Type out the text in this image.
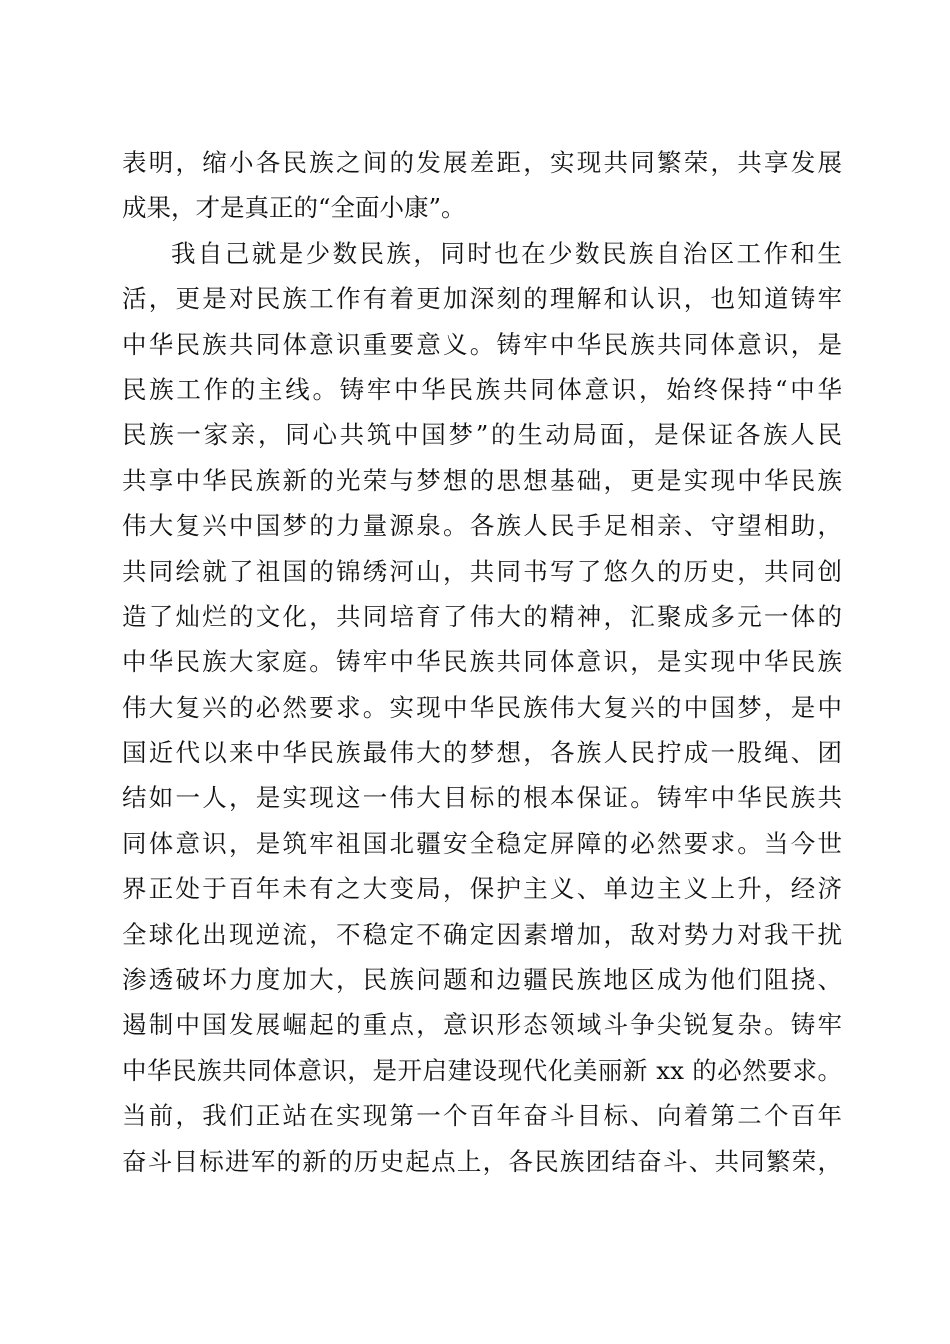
表明，缩小各民族之间的发展差距，实现共同繁荣，共享发展
成果，才是真正的“全面小康”。
我自己就是少数民族，同时也在少数民族自治区工作和生
活，更是对民族工作有着更加深刻的理解和认识，也知道铸牢
中华民族共同体意识重要意义。铸牢中华民族共同体意识，是
民族工作的主线。铸牢中华民族共同体意识，始终保持“中华
民族一家亲，同心共筑中国梦”的生动局面，是保证各族人民
共享中华民族新的光荣与梦想的思想基础，更是实现中华民族
伟大复兴中国梦的力量源泉。各族人民手足相亲、守望相助，
共同绘就了祖国的锦绣河山，共同书写了悠久的历史，共同创
造了灿烂的文化，共同培育了伟大的精神，汇聚成多元一体的
中华民族大家庭。铸牢中华民族共同体意识，是实现中华民族
伟大复兴的必然要求。实现中华民族伟大复兴的中国梦，是中
国近代以来中华民族最伟大的梦想，各族人民拧成一股绳、团
结如一人，是实现这一伟大目标的根本保证。铸牢中华民族共
同体意识，是筑牢祖国北疆安全稳定屏障的必然要求。当今世
界正处于百年未有之大变局，保护主义、单边主义上升，经济
全球化出现逆流，不稳定不确定因素增加，敌对势力对我干扰
渗透破坏力度加大，民族问题和边疆民族地区成为他们阻挠、
遏制中国发展崛起的重点，意识形态领域斗争尖锐复杂。铸牢
中华民族共同体意识，是开启建设现代化美丽新 xx 的必然要求。
当前，我们正站在实现第一个百年奋斗目标、向着第二个百年
奋斗目标进军的新的历史起点上，各民族团结奋斗、共同繁荣，
